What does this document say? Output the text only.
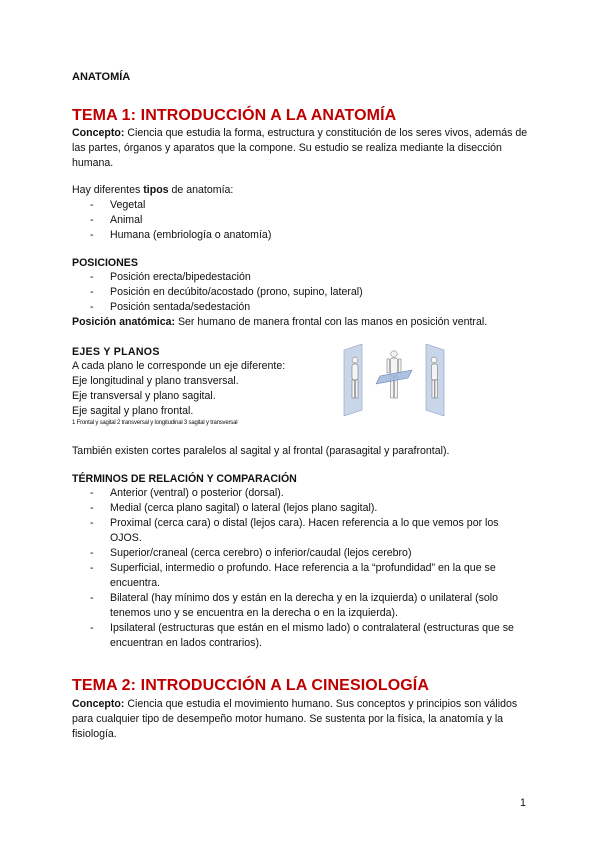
ANATOMÍA
TEMA 1: INTRODUCCIÓN A LA ANATOMÍA
Concepto: Ciencia que estudia la forma, estructura y constitución de los seres vivos, además de las partes, órganos y aparatos que la compone. Su estudio se realiza mediante la disección humana.
Hay diferentes tipos de anatomía:
- Vegetal
- Animal
- Humana (embriología o anatomía)
POSICIONES
- Posición erecta/bipedestación
- Posición en decúbito/acostado (prono, supino, lateral)
- Posición sentada/sedestación
Posición anatómica: Ser humano de manera frontal con las manos en posición ventral.
EJES Y PLANOS
A cada plano le corresponde un eje diferente:
Eje longitudinal y plano transversal.
Eje transversal y plano sagital.
Eje sagital y plano frontal.
1 Frontal y sagital 2 transversal y longitudinal 3 sagital y transversal
También existen cortes paralelos al sagital y al frontal (parasagital y parafrontal).
TÉRMINOS DE RELACIÓN Y COMPARACIÓN
- Anterior (ventral) o posterior (dorsal).
- Medial (cerca plano sagital) o lateral (lejos plano sagital).
- Proximal (cerca cara) o distal (lejos cara). Hacen referencia a lo que vemos por los OJOS.
- Superior/craneal (cerca cerebro) o inferior/caudal (lejos cerebro)
- Superficial, intermedio o profundo. Hace referencia a la “profundidad” en la que se encuentra.
- Bilateral (hay mínimo dos y están en la derecha y en la izquierda) o unilateral (solo tenemos uno y se encuentra en la derecha o en la izquierda).
- Ipsilateral (estructuras que están en el mismo lado) o contralateral (estructuras que se encuentran en lados contrarios).
TEMA 2: INTRODUCCIÓN A LA CINESIOLOGÍA
Concepto: Ciencia que estudia el movimiento humano. Sus conceptos y principios son válidos para cualquier tipo de desempeño motor humano. Se sustenta por la física, la anatomía y la fisiología.
1
